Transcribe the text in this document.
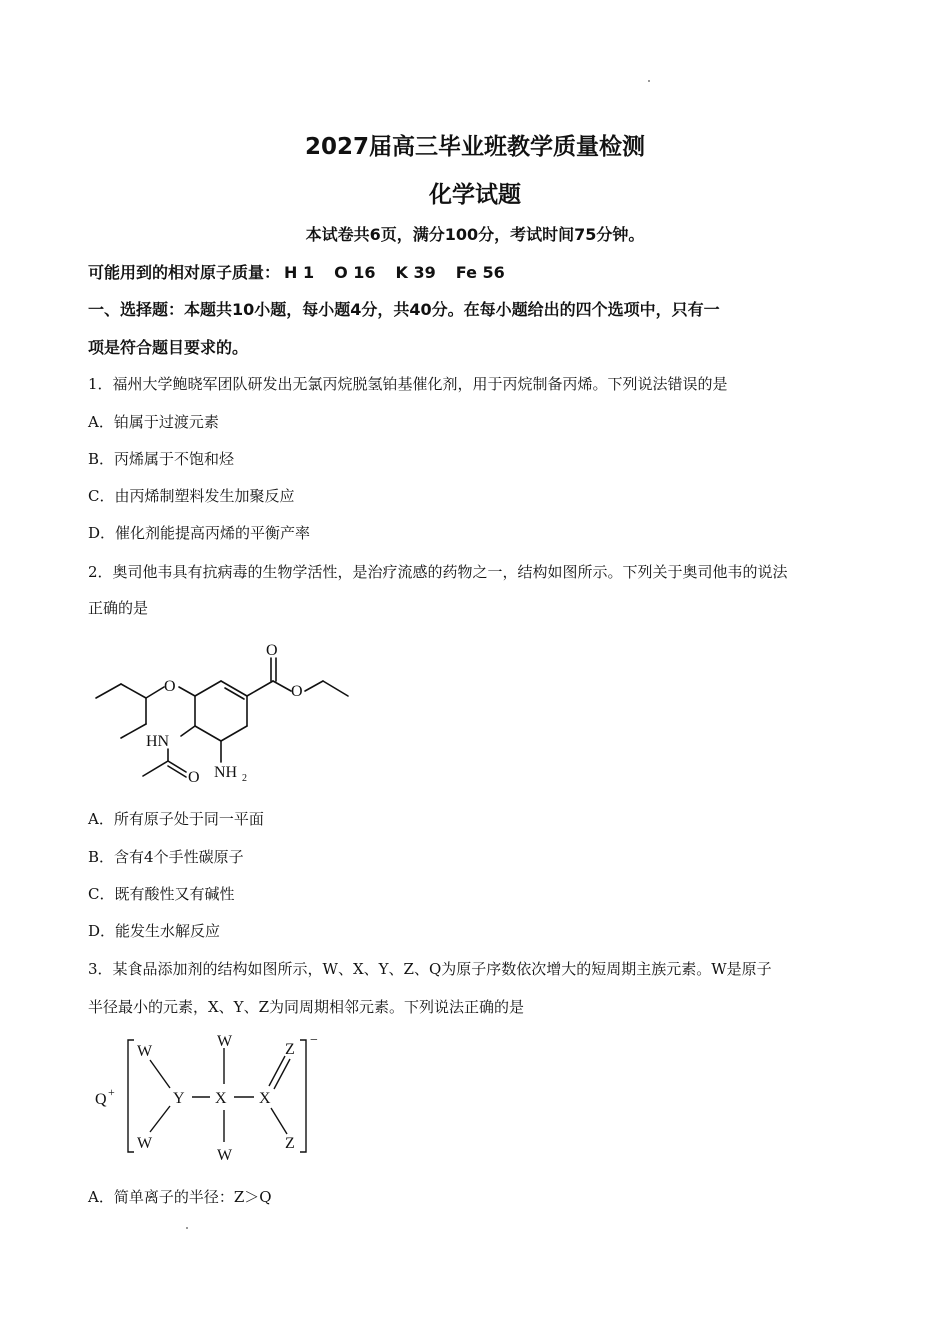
2027届高三毕业班教学质量检测
化学试题
本试卷共6页，满分100分，考试时间75分钟。
可能用到的相对原子质量： H 1 O 16 K 39 Fe 56
一、选择题：本题共10小题，每小题4分，共40分。在每小题给出的四个选项中，只有一
项是符合题目要求的。
1．福州大学鲍晓军团队研发出无氯丙烷脱氢铂基催化剂，用于丙烷制备丙烯。下列说法错误的是
A．铂属于过渡元素
B．丙烯属于不饱和烃
C．由丙烯制塑料发生加聚反应
D．催化剂能提高丙烯的平衡产率
2．奥司他韦具有抗病毒的生物学活性，是治疗流感的药物之一，结构如图所示。下列关于奥司他韦的说法
正确的是
O
O	O
HN
O NH 2
A．所有原子处于同一平面
B．含有4个手性碳原子
C．既有酸性又有碱性
D．能发生水解反应
3．某食品添加剂的结构如图所示，W、X、Y、Z、Q为原子序数依次增大的短周期主族元素。W是原子
半径最小的元素，X、Y、Z为同周期相邻元素。下列说法正确的是
Q +
W
W
Y
W
W
X X
Z
Z
−
A．简单离子的半径：Z＞Q
